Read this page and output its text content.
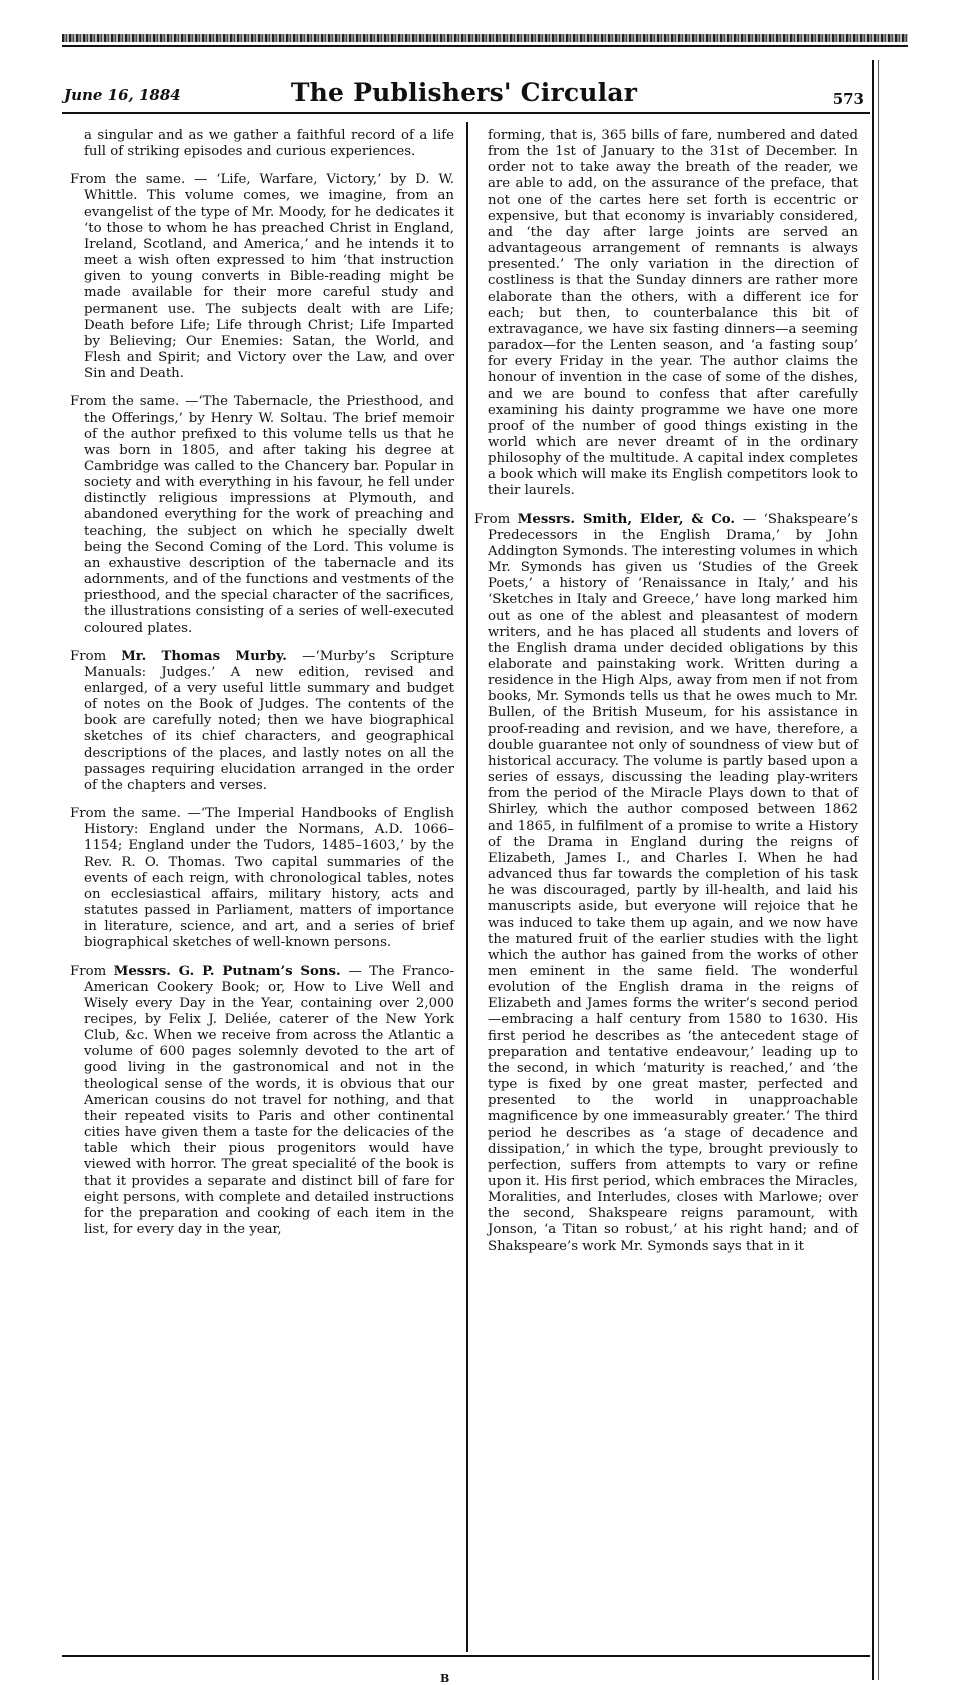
June 16, 1884	The Publishers' Circular	573

a singular and as we gather a faithful record of a life full of striking episodes and curious experiences.

From the same. — ‘Life, Warfare, Victory,’ by D. W. Whittle. This volume comes, we imagine, from an evangelist of the type of Mr. Moody, for he dedicates it ‘to those to whom he has preached Christ in England, Ireland, Scotland, and America,’ and he intends it to meet a wish often expressed to him ‘that instruction given to young converts in Bible-reading might be made available for their more careful study and permanent use. The subjects dealt with are Life; Death before Life; Life through Christ; Life Imparted by Believing; Our Enemies: Satan, the World, and Flesh and Spirit; and Victory over the Law, and over Sin and Death.

From the same. —‘The Tabernacle, the Priesthood, and the Offerings,’ by Henry W. Soltau. The brief memoir of the author prefixed to this volume tells us that he was born in 1805, and after taking his degree at Cambridge was called to the Chancery bar. Popular in society and with everything in his favour, he fell under distinctly religious impressions at Plymouth, and abandoned everything for the work of preaching and teaching, the subject on which he specially dwelt being the Second Coming of the Lord. This volume is an exhaustive description of the tabernacle and its adornments, and of the functions and vestments of the priesthood, and the special character of the sacrifices, the illustrations consisting of a series of well-executed coloured plates.

From Mr. Thomas Murby. —‘Murby’s Scripture Manuals: Judges.’ A new edition, revised and enlarged, of a very useful little summary and budget of notes on the Book of Judges. The contents of the book are carefully noted; then we have biographical sketches of its chief characters, and geographical descriptions of the places, and lastly notes on all the passages requiring elucidation arranged in the order of the chapters and verses.

From the same. —‘The Imperial Handbooks of English History: England under the Normans, A.D. 1066–1154; England under the Tudors, 1485–1603,’ by the Rev. R. O. Thomas. Two capital summaries of the events of each reign, with chronological tables, notes on ecclesiastical affairs, military history, acts and statutes passed in Parliament, matters of importance in literature, science, and art, and a series of brief biographical sketches of well-known persons.

From Messrs. G. P. Putnam’s Sons. — The Franco-American Cookery Book; or, How to Live Well and Wisely every Day in the Year, containing over 2,000 recipes, by Felix J. Deliée, caterer of the New York Club, &c. When we receive from across the Atlantic a volume of 600 pages solemnly devoted to the art of good living in the gastronomical and not in the theological sense of the words, it is obvious that our American cousins do not travel for nothing, and that their repeated visits to Paris and other continental cities have given them a taste for the delicacies of the table which their pious progenitors would have viewed with horror. The great specialité of the book is that it provides a separate and distinct bill of fare for eight persons, with complete and detailed instructions for the preparation and cooking of each item in the list, for every day in the year,

forming, that is, 365 bills of fare, numbered and dated from the 1st of January to the 31st of December. In order not to take away the breath of the reader, we are able to add, on the assurance of the preface, that not one of the cartes here set forth is eccentric or expensive, but that economy is invariably considered, and ‘the day after large joints are served an advantageous arrangement of remnants is always presented.’ The only variation in the direction of costliness is that the Sunday dinners are rather more elaborate than the others, with a different ice for each; but then, to counterbalance this bit of extravagance, we have six fasting dinners—a seeming paradox—for the Lenten season, and ‘a fasting soup’ for every Friday in the year. The author claims the honour of invention in the case of some of the dishes, and we are bound to confess that after carefully examining his dainty programme we have one more proof of the number of good things existing in the world which are never dreamt of in the ordinary philosophy of the multitude. A capital index completes a book which will make its English competitors look to their laurels.

From Messrs. Smith, Elder, & Co. — ‘Shakspeare’s Predecessors in the English Drama,’ by John Addington Symonds. The interesting volumes in which Mr. Symonds has given us ‘Studies of the Greek Poets,’ a history of ‘Renaissance in Italy,’ and his ‘Sketches in Italy and Greece,’ have long marked him out as one of the ablest and pleasantest of modern writers, and he has placed all students and lovers of the English drama under decided obligations by this elaborate and painstaking work. Written during a residence in the High Alps, away from men if not from books, Mr. Symonds tells us that he owes much to Mr. Bullen, of the British Museum, for his assistance in proof-reading and revision, and we have, therefore, a double guarantee not only of soundness of view but of historical accuracy. The volume is partly based upon a series of essays, discussing the leading play-writers from the period of the Miracle Plays down to that of Shirley, which the author composed between 1862 and 1865, in fulfilment of a promise to write a History of the Drama in England during the reigns of Elizabeth, James I., and Charles I. When he had advanced thus far towards the completion of his task he was discouraged, partly by ill-health, and laid his manuscripts aside, but everyone will rejoice that he was induced to take them up again, and we now have the matured fruit of the earlier studies with the light which the author has gained from the works of other men eminent in the same field. The wonderful evolution of the English drama in the reigns of Elizabeth and James forms the writer’s second period—embracing a half century from 1580 to 1630. His first period he describes as ‘the antecedent stage of preparation and tentative endeavour,’ leading up to the second, in which ‘maturity is reached,’ and ‘the type is fixed by one great master, perfected and presented to the world in unapproachable magnificence by one immeasurably greater.’ The third period he describes as ‘a stage of decadence and dissipation,’ in which the type, brought previously to perfection, suffers from attempts to vary or refine upon it. His first period, which embraces the Miracles, Moralities, and Interludes, closes with Marlowe; over the second, Shakspeare reigns paramount, with Jonson, ‘a Titan so robust,’ at his right hand; and of Shakspeare’s work Mr. Symonds says that in it

B
